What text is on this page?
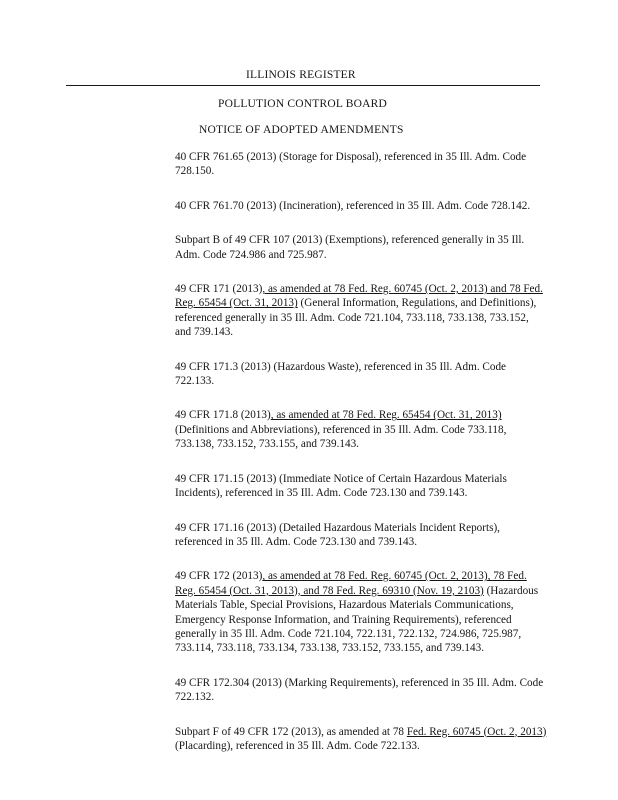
ILLINOIS REGISTER
POLLUTION CONTROL BOARD
NOTICE OF ADOPTED AMENDMENTS

40 CFR 761.65 (2013) (Storage for Disposal), referenced in 35 Ill. Adm. Code 728.150.

40 CFR 761.70 (2013) (Incineration), referenced in 35 Ill. Adm. Code 728.142.

Subpart B of 49 CFR 107 (2013) (Exemptions), referenced generally in 35 Ill. Adm. Code 724.986 and 725.987.

49 CFR 171 (2013), as amended at 78 Fed. Reg. 60745 (Oct. 2, 2013) and 78 Fed. Reg. 65454 (Oct. 31, 2013) (General Information, Regulations, and Definitions), referenced generally in 35 Ill. Adm. Code 721.104, 733.118, 733.138, 733.152, and 739.143.

49 CFR 171.3 (2013) (Hazardous Waste), referenced in 35 Ill. Adm. Code 722.133.

49 CFR 171.8 (2013), as amended at 78 Fed. Reg. 65454 (Oct. 31, 2013) (Definitions and Abbreviations), referenced in 35 Ill. Adm. Code 733.118, 733.138, 733.152, 733.155, and 739.143.

49 CFR 171.15 (2013) (Immediate Notice of Certain Hazardous Materials Incidents), referenced in 35 Ill. Adm. Code 723.130 and 739.143.

49 CFR 171.16 (2013) (Detailed Hazardous Materials Incident Reports), referenced in 35 Ill. Adm. Code 723.130 and 739.143.

49 CFR 172 (2013), as amended at 78 Fed. Reg. 60745 (Oct. 2, 2013), 78 Fed. Reg. 65454 (Oct. 31, 2013), and 78 Fed. Reg. 69310 (Nov. 19, 2103) (Hazardous Materials Table, Special Provisions, Hazardous Materials Communications, Emergency Response Information, and Training Requirements), referenced generally in 35 Ill. Adm. Code 721.104, 722.131, 722.132, 724.986, 725.987, 733.114, 733.118, 733.134, 733.138, 733.152, 733.155, and 739.143.

49 CFR 172.304 (2013) (Marking Requirements), referenced in 35 Ill. Adm. Code 722.132.

Subpart F of 49 CFR 172 (2013), as amended at 78 Fed. Reg. 60745 (Oct. 2, 2013) (Placarding), referenced in 35 Ill. Adm. Code 722.133.
